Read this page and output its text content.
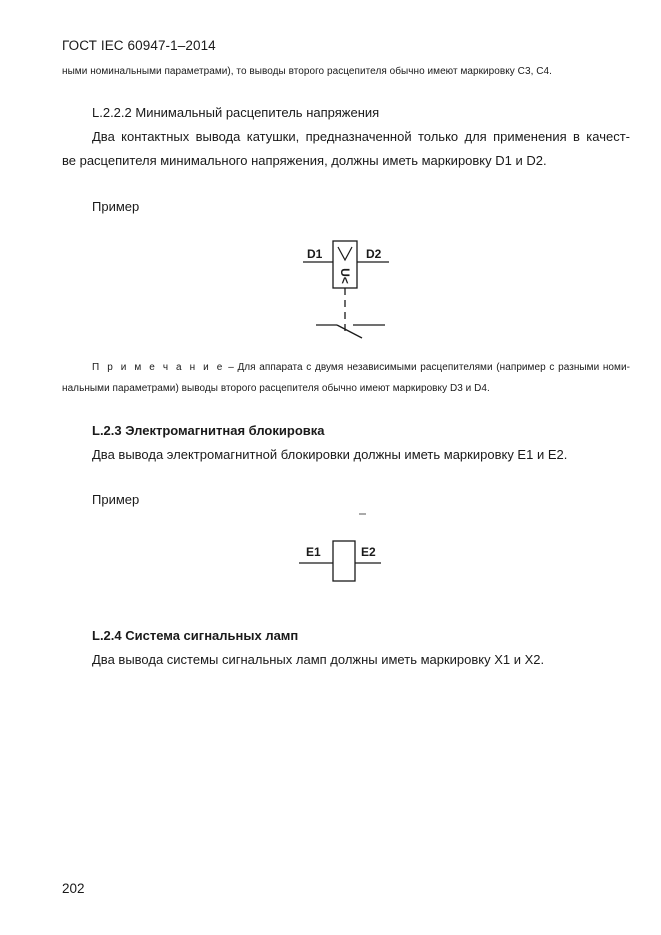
ГОСТ IEC 60947-1–2014
ными номинальными параметрами), то выводы второго расцепителя обычно имеют маркировку C3, C4.
L.2.2.2 Минимальный расцепитель напряжения
Два контактных вывода катушки, предназначенной только для применения в качест-
ве расцепителя минимального напряжения, должны иметь маркировку D1 и D2.
Пример
U<
D1	D2
П р и м е ч а н и е – Для аппарата с двумя независимыми расцепителями (например с разными номи-
нальными параметрами) выводы второго расцепителя обычно имеют маркировку D3 и D4.
L.2.3 Электромагнитная блокировка
Два вывода электромагнитной блокировки должны иметь маркировку E1 и E2.
Пример
E1	E2
L.2.4 Система сигнальных ламп
Два вывода системы сигнальных ламп должны иметь маркировку X1 и X2.
202
